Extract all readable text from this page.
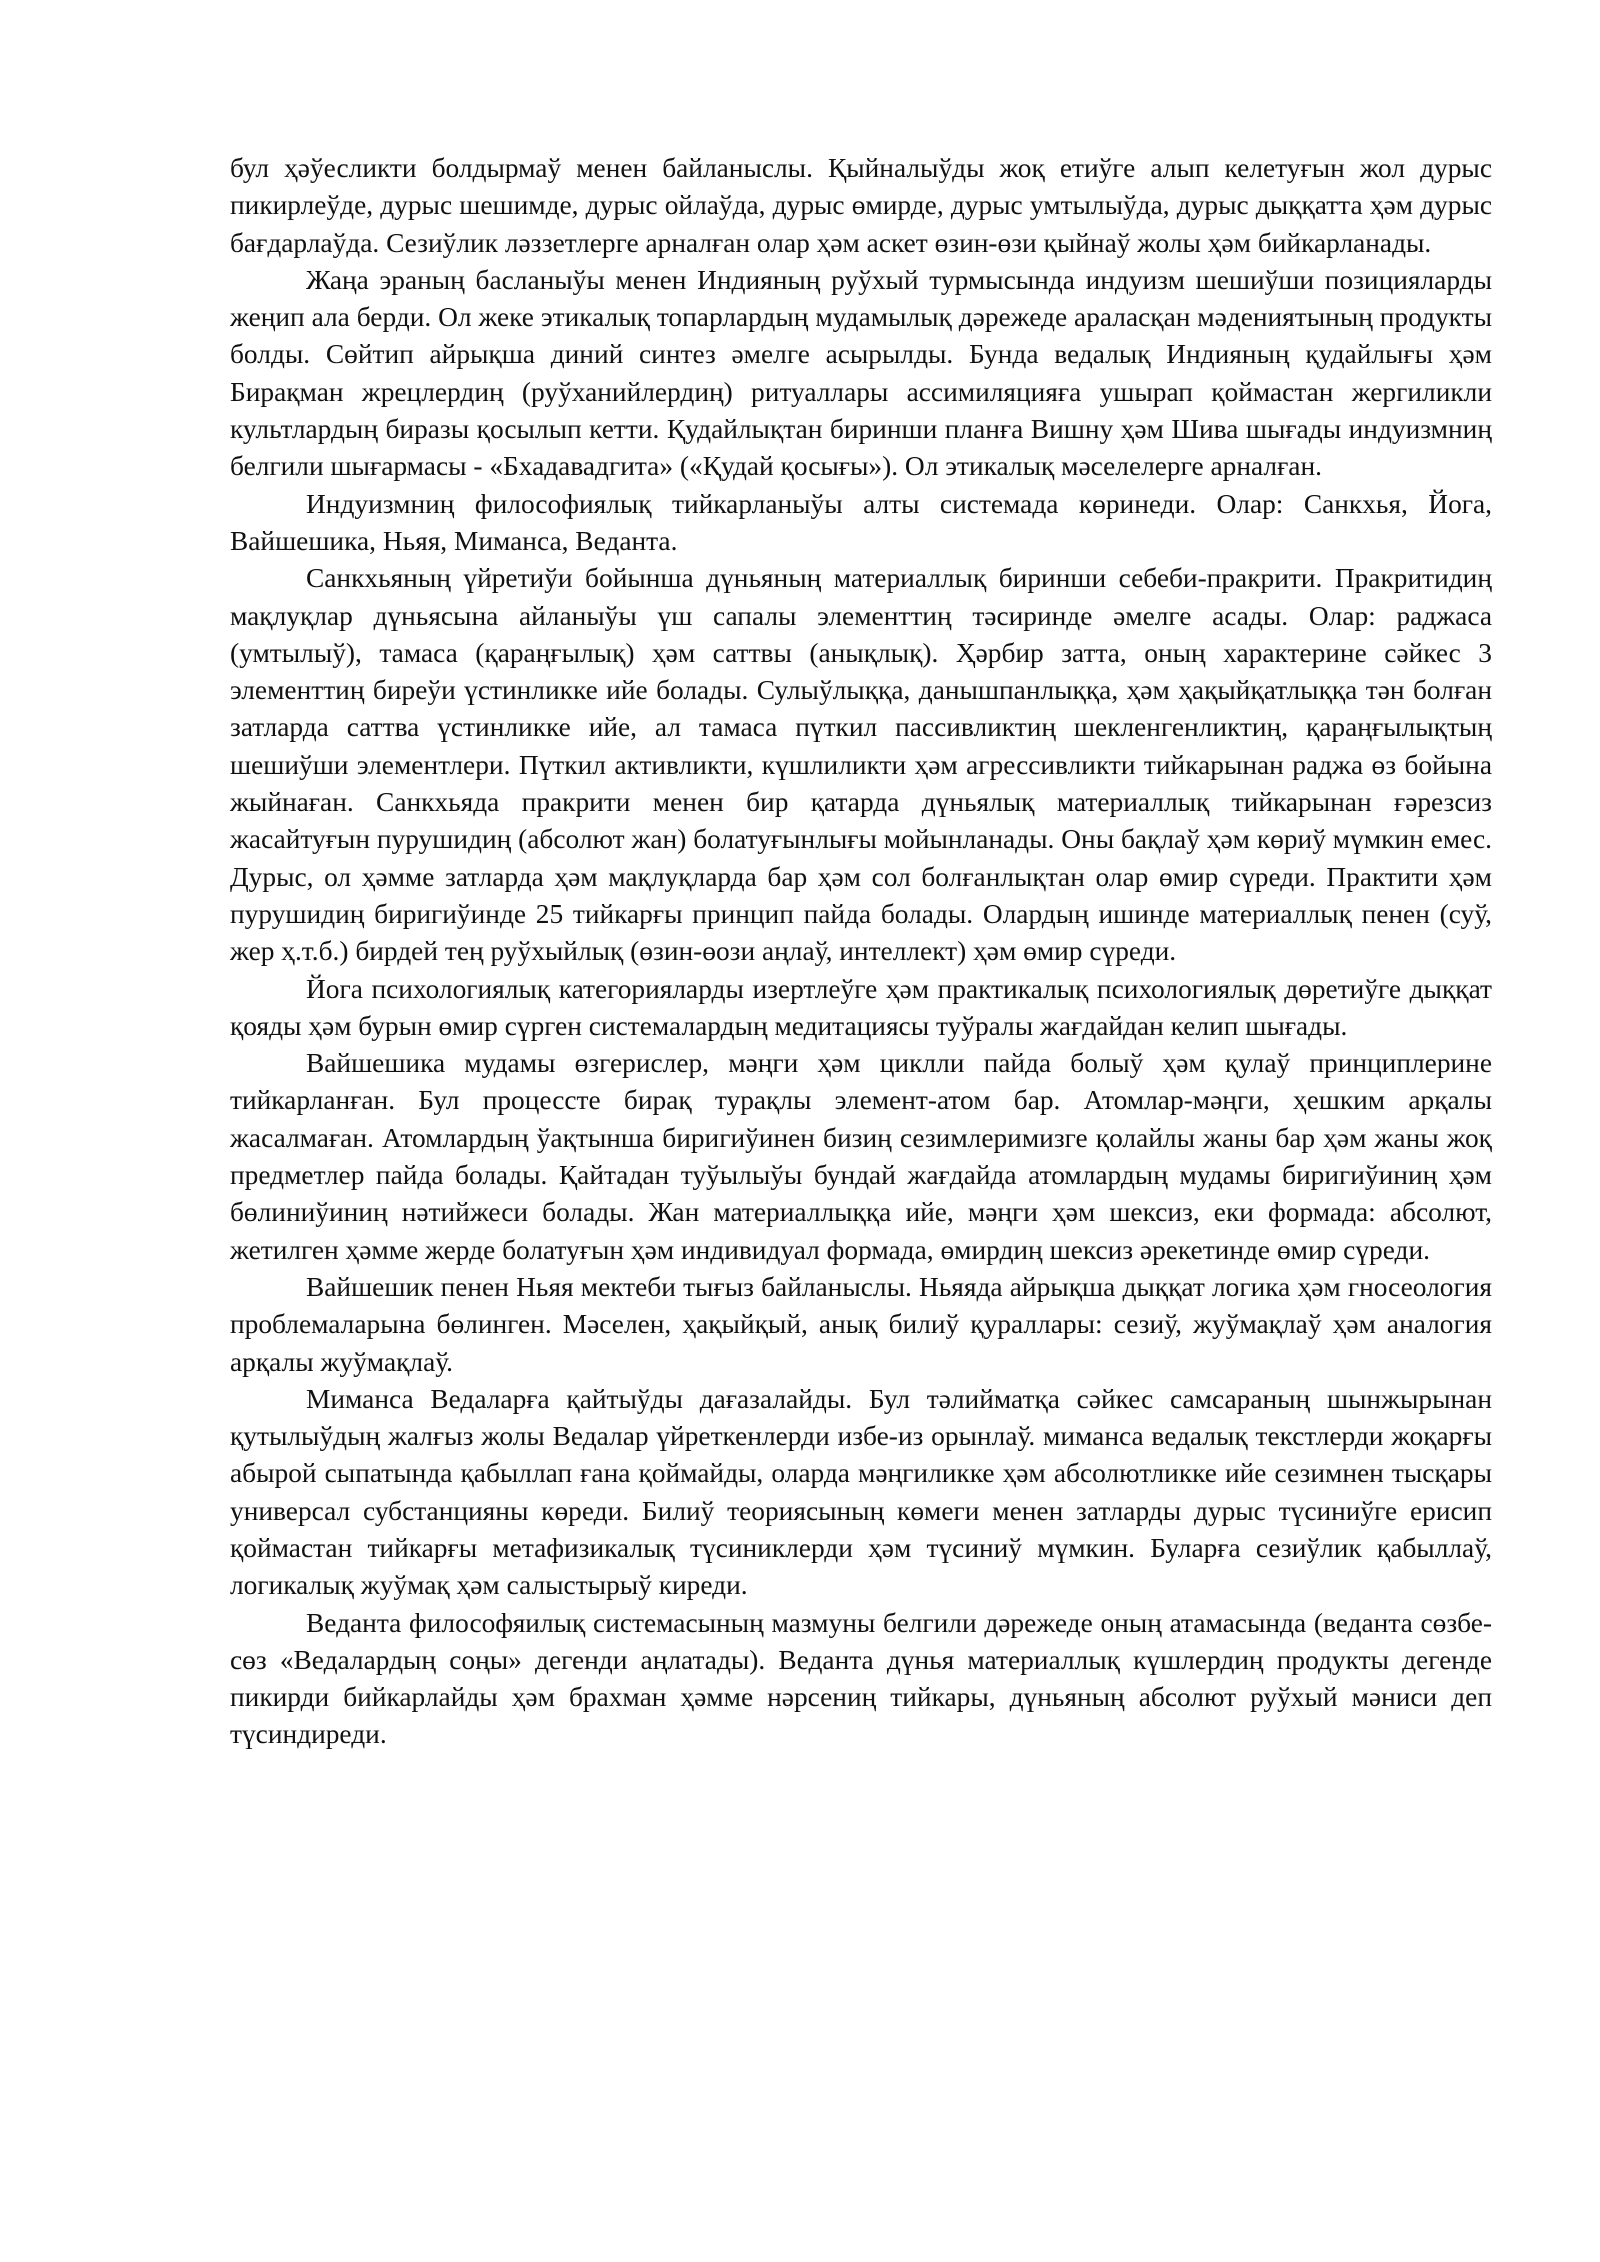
бул ҳәўесликти болдырмаў менен байланыслы. Қыйналыўды жоқ етиўге алып келетуғын жол дурыс пикирлеўде, дурыс шешимде, дурыс ойлаўда, дурыс өмирде, дурыс умтылыўда, дурыс дыққатта ҳәм дурыс бағдарлаўда. Сезиўлик ләззетлерге арналған олар ҳәм аскет өзин-өзи қыйнаў жолы ҳәм бийкарланады.

Жаңа эраның басланыўы менен Индияның руўхый турмысында индуизм шешиўши позицияларды жеңип ала берди. Ол жеке этикалық топарлардың мудамылық дәрежеде араласқан мәдениятының продукты болды. Сөйтип айрықша диний синтез әмелге асырылды. Бунда ведалық Индияның қудайлығы ҳәм Бирақман жрецлердиң (руўханийлердиң) ритуаллары ассимиляцияға ушырап қоймастан жергиликли культлардың биразы қосылып кетти. Қудайлықтан биринши планға Вишну ҳәм Шива шығады индуизмниң белгили шығармасы - «Бхадавадгита» («Қудай қосығы»). Ол этикалық мәселелерге арналған.

Индуизмниң философиялық тийкарланыўы алты системада көринеди. Олар: Санкхья, Йога, Вайшешика, Ньяя, Миманса, Веданта.

Санкхьяның үйретиўи бойынша дүньяның материаллық биринши себеби-пракрити. Пракритидиң мақлуқлар дүньясына айланыўы үш сапалы элементтиң тәсиринде әмелге асады. Олар: раджаса (умтылыў), тамаса (қараңғылық) ҳәм саттвы (анықлық). Ҳәрбир затта, оның характерине сәйкес 3 элементтиң биреўи үстинликке ийе болады. Сулыўлыққа, данышпанлыққа, ҳәм ҳақыйқатлыққа тән болған затларда саттва үстинликке ийе, ал тамаса пүткил пассивликтиң шекленгенликтиң, қараңғылықтың шешиўши элементлери. Пүткил активликти, күшлиликти ҳәм агрессивликти тийкарынан раджа өз бойына жыйнаған. Санкхьяда пракрити менен бир қатарда дүньялық материаллық тийкарынан ғәрезсиз жасайтуғын пурушидиң (абсолют жан) болатуғынлығы мойынланады. Оны бақлаў ҳәм көриў мүмкин емес. Дурыс, ол ҳәмме затларда ҳәм мақлуқларда бар ҳәм сол болғанлықтан олар өмир сүреди. Практити ҳәм пурушидиң биригиўинде 25 тийкарғы принцип пайда болады. Олардың ишинде материаллық пенен (суў, жер ҳ.т.б.) бирдей тең руўхыйлық (өзин-өози аңлаў, интеллект) ҳәм өмир сүреди.

Йога психологиялық категорияларды изертлеўге ҳәм практикалық психологиялық дөретиўге дыққат қояды ҳәм бурын өмир сүрген системалардың медитациясы туўралы жағдайдан келип шығады.

Вайшешика мудамы өзгерислер, мәңги ҳәм циклли пайда болыў ҳәм қулаў принциплерине тийкарланған. Бул процессте бирақ турақлы элемент-атом бар. Атомлар-мәңги, ҳешким арқалы жасалмаған. Атомлардың ўақтынша биригиўинен бизиң сезимлеримизге қолайлы жаны бар ҳәм жаны жоқ предметлер пайда болады. Қайтадан туўылыўы бундай жағдайда атомлардың мудамы биригиўиниң ҳәм бөлиниўиниң нәтийжеси болады. Жан материаллыққа ийе, мәңги ҳәм шексиз, еки формада: абсолют, жетилген ҳәмме жерде болатуғын ҳәм индивидуал формада, өмирдиң шексиз әрекетинде өмир сүреди.

Вайшешик пенен Ньяя мектеби тығыз байланыслы. Ньяяда айрықша дыққат логика ҳәм гносеология проблемаларына бөлинген. Мәселен, ҳақыйқый, анық билиў қураллары: сезиў, жуўмақлаў ҳәм аналогия арқалы жуўмақлаў.

Миманса Ведаларға қайтыўды дағазалайды. Бул тәлийматқа сәйкес самсараның шынжырынан қутылыўдың жалғыз жолы Ведалар үйреткенлерди избе-из орынлаў. миманса ведалық текстлерди жоқарғы абырой сыпатында қабыллап ғана қоймайды, оларда мәңгиликке ҳәм абсолютликке ийе сезимнен тысқары универсал субстанцияны көреди. Билиў теориясының көмеги менен затларды дурыс түсиниўге ерисип қоймастан тийкарғы метафизикалық түсиниклерди ҳәм түсиниў мүмкин. Буларға сезиўлик қабыллаў, логикалық жуўмақ ҳәм салыстырыў киреди.

Веданта философяилық системасының мазмуны белгили дәрежеде оның атамасында (веданта сөзбе-сөз «Ведалардың соңы» дегенди аңлатады). Веданта дүнья материаллық күшлердиң продукты дегенде пикирди бийкарлайды ҳәм брахман ҳәмме нәрсениң тийкары, дүньяның абсолют руўхый мәниси деп түсиндиреди.
